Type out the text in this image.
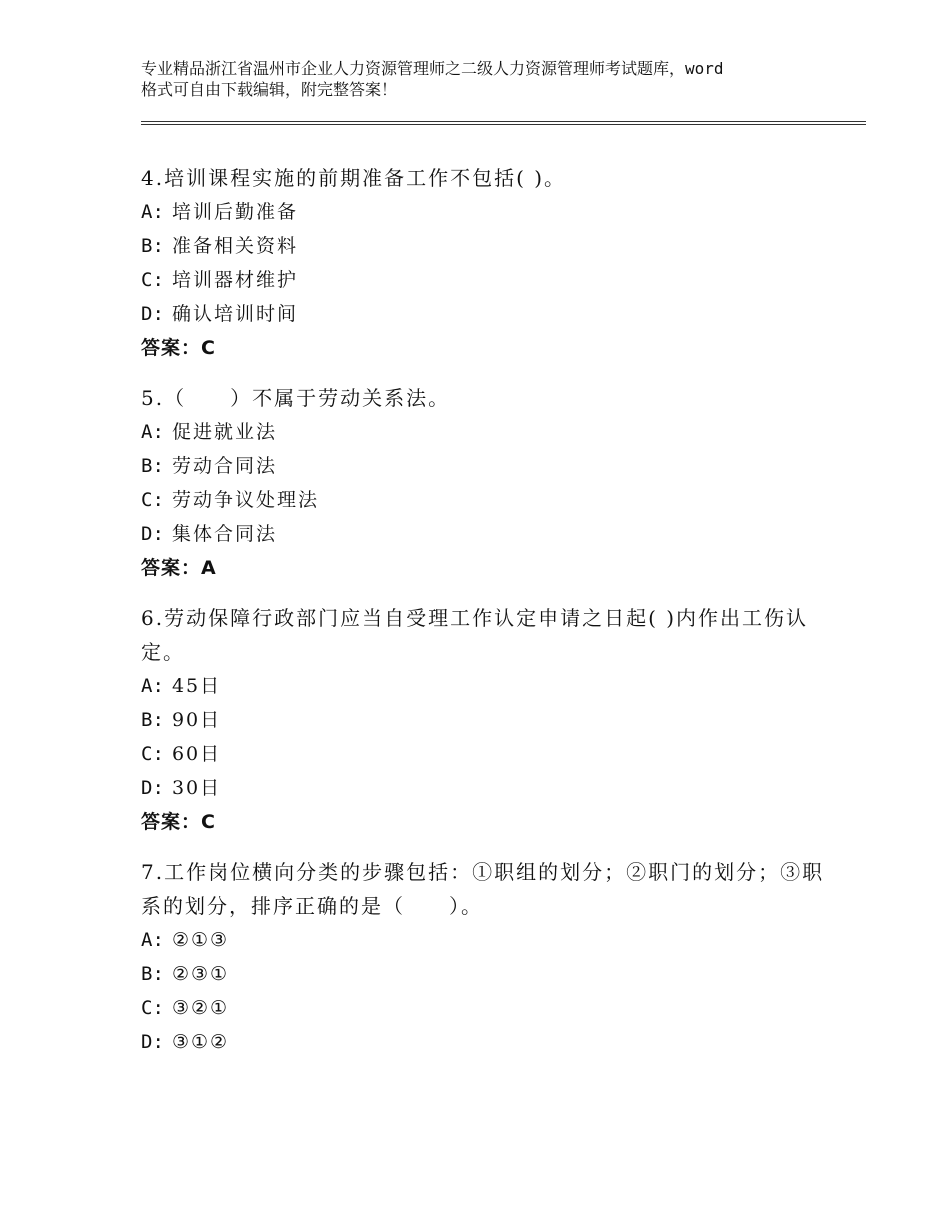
专业精品浙江省温州市企业人力资源管理师之二级人力资源管理师考试题库，word
格式可自由下载编辑，附完整答案！
4.培训课程实施的前期准备工作不包括( )。
A: 培训后勤准备
B: 准备相关资料
C: 培训器材维护
D: 确认培训时间
答案：C
5.（　　）不属于劳动关系法。
A: 促进就业法
B: 劳动合同法
C: 劳动争议处理法
D: 集体合同法
答案：A
6.劳动保障行政部门应当自受理工作认定申请之日起( )内作出工伤认定。
A: 45日
B: 90日
C: 60日
D: 30日
答案：C
7.工作岗位横向分类的步骤包括：①职组的划分；②职门的划分；③职系的划分，排序正确的是（　　）。
A: ②①③
B: ②③①
C: ③②①
D: ③①②
